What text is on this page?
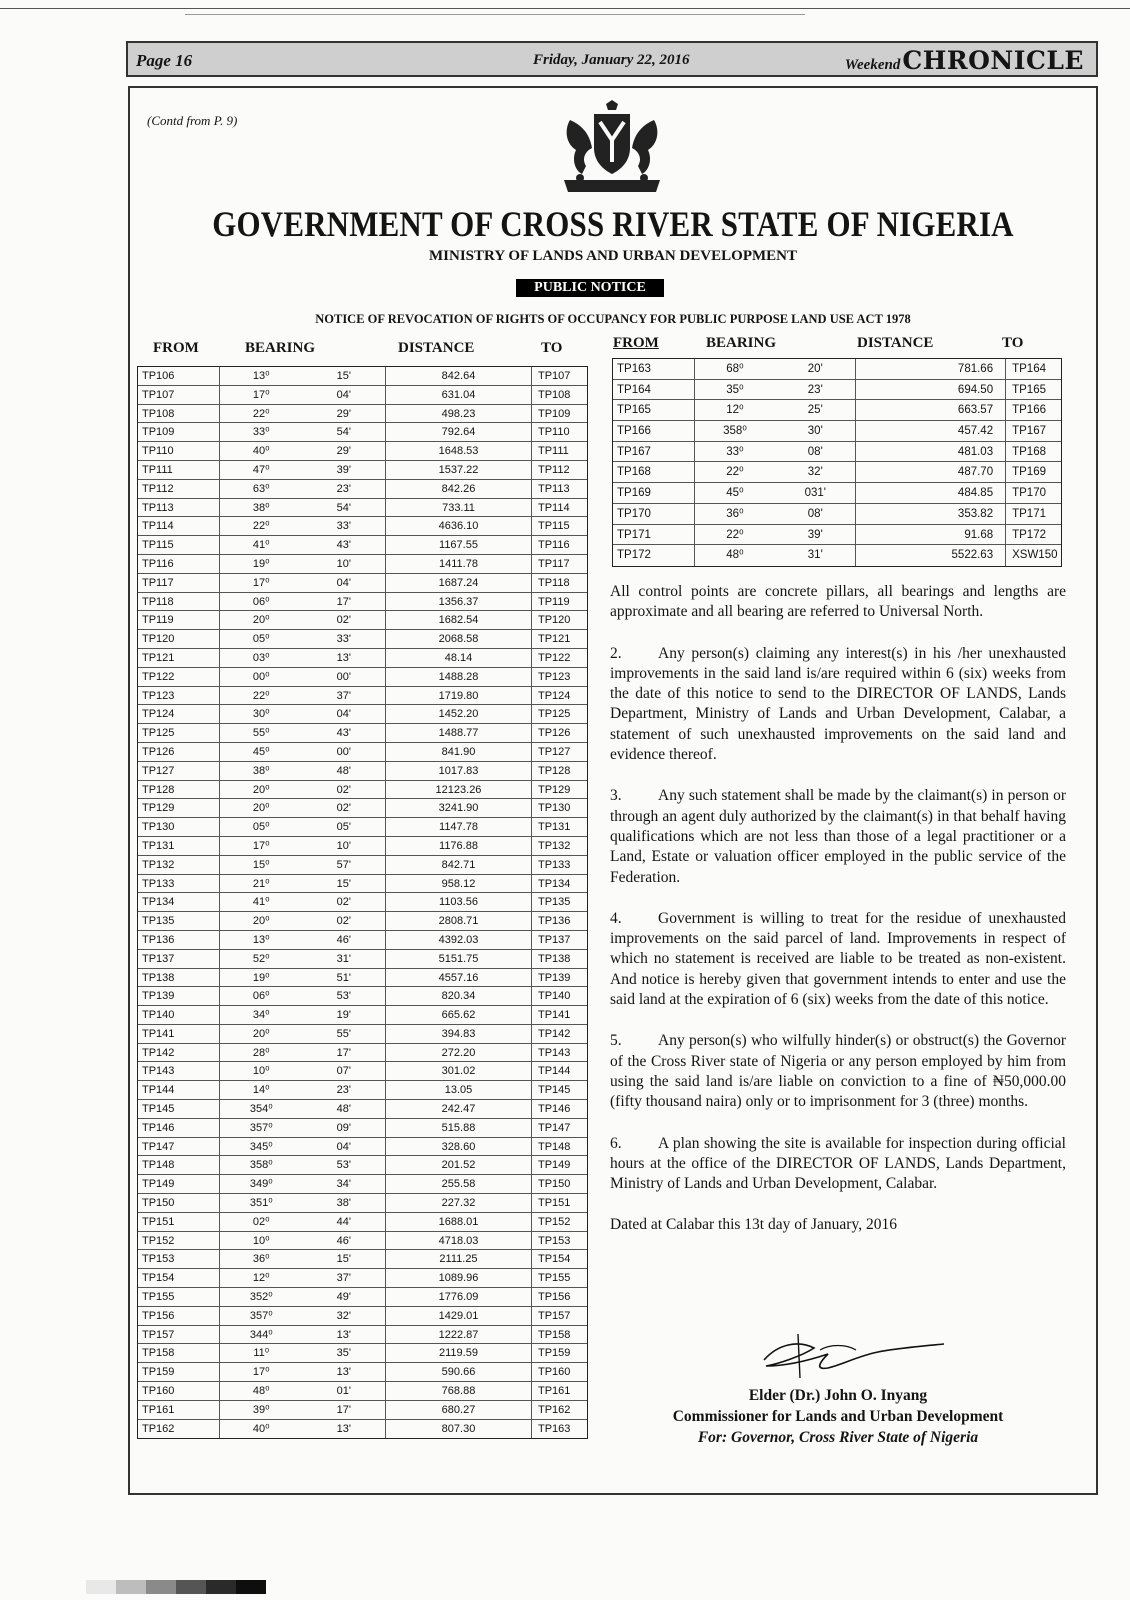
Page 16	Friday, January 22, 2016	WeekendCHRONICLE
(Contd from P. 9)
GOVERNMENT OF CROSS RIVER STATE OF NIGERIA
MINISTRY OF LANDS AND URBAN DEVELOPMENT
PUBLIC NOTICE
NOTICE OF REVOCATION OF RIGHTS OF OCCUPANCY FOR PUBLIC PURPOSE LAND USE ACT 1978
FROM	BEARING	DISTANCE	TO
TP106	13⁰	15'	842.64	TP107
TP107	17⁰	04'	631.04	TP108
TP108	22⁰	29'	498.23	TP109
TP109	33⁰	54'	792.64	TP110
TP110	40⁰	29'	1648.53	TP111
TP111	47⁰	39'	1537.22	TP112
TP112	63⁰	23'	842.26	TP113
TP113	38⁰	54'	733.11	TP114
TP114	22⁰	33'	4636.10	TP115
TP115	41⁰	43'	1167.55	TP116
TP116	19⁰	10'	1411.78	TP117
TP117	17⁰	04'	1687.24	TP118
TP118	06⁰	17'	1356.37	TP119
TP119	20⁰	02'	1682.54	TP120
TP120	05⁰	33'	2068.58	TP121
TP121	03⁰	13'	48.14	TP122
TP122	00⁰	00'	1488.28	TP123
TP123	22⁰	37'	1719.80	TP124
TP124	30⁰	04'	1452.20	TP125
TP125	55⁰	43'	1488.77	TP126
TP126	45⁰	00'	841.90	TP127
TP127	38⁰	48'	1017.83	TP128
TP128	20⁰	02'	12123.26	TP129
TP129	20⁰	02'	3241.90	TP130
TP130	05⁰	05'	1147.78	TP131
TP131	17⁰	10'	1176.88	TP132
TP132	15⁰	57'	842.71	TP133
TP133	21⁰	15'	958.12	TP134
TP134	41⁰	02'	1103.56	TP135
TP135	20⁰	02'	2808.71	TP136
TP136	13⁰	46'	4392.03	TP137
TP137	52⁰	31'	5151.75	TP138
TP138	19⁰	51'	4557.16	TP139
TP139	06⁰	53'	820.34	TP140
TP140	34⁰	19'	665.62	TP141
TP141	20⁰	55'	394.83	TP142
TP142	28⁰	17'	272.20	TP143
TP143	10⁰	07'	301.02	TP144
TP144	14⁰	23'	13.05	TP145
TP145	354⁰	48'	242.47	TP146
TP146	357⁰	09'	515.88	TP147
TP147	345⁰	04'	328.60	TP148
TP148	358⁰	53'	201.52	TP149
TP149	349⁰	34'	255.58	TP150
TP150	351⁰	38'	227.32	TP151
TP151	02⁰	44'	1688.01	TP152
TP152	10⁰	46'	4718.03	TP153
TP153	36⁰	15'	2111.25	TP154
TP154	12⁰	37'	1089.96	TP155
TP155	352⁰	49'	1776.09	TP156
TP156	357⁰	32'	1429.01	TP157
TP157	344⁰	13'	1222.87	TP158
TP158	11⁰	35'	2119.59	TP159
TP159	17⁰	13'	590.66	TP160
TP160	48⁰	01'	768.88	TP161
TP161	39⁰	17'	680.27	TP162
TP162	40⁰	13'	807.30	TP163
FROM	BEARING	DISTANCE	TO
TP163	68⁰	20'	781.66	TP164
TP164	35⁰	23'	694.50	TP165
TP165	12⁰	25'	663.57	TP166
TP166	358⁰	30'	457.42	TP167
TP167	33⁰	08'	481.03	TP168
TP168	22⁰	32'	487.70	TP169
TP169	45⁰	031'	484.85	TP170
TP170	36⁰	08'	353.82	TP171
TP171	22⁰	39'	91.68	TP172
TP172	48⁰	31'	5522.63	XSW150

All control points are concrete pillars, all bearings and lengths are approximate and all bearing are referred to Universal North.

2. Any person(s) claiming any interest(s) in his /her unexhausted improvements in the said land is/are required within 6 (six) weeks from the date of this notice to send to the DIRECTOR OF LANDS, Lands Department, Ministry of Lands and Urban Development, Calabar, a statement of such unexhausted improvements on the said land and evidence thereof.

3. Any such statement shall be made by the claimant(s) in person or through an agent duly authorized by the claimant(s) in that behalf having qualifications which are not less than those of a legal practitioner or a Land, Estate or valuation officer employed in the public service of the Federation.

4. Government is willing to treat for the residue of unexhausted improvements on the said parcel of land. Improvements in respect of which no statement is received are liable to be treated as non-existent. And notice is hereby given that government intends to enter and use the said land at the expiration of 6 (six) weeks from the date of this notice.

5. Any person(s) who wilfully hinder(s) or obstruct(s) the Governor of the Cross River state of Nigeria or any person employed by him from using the said land is/are liable on conviction to a fine of ₦50,000.00 (fifty thousand naira) only or to imprisonment for 3 (three) months.

6. A plan showing the site is available for inspection during official hours at the office of the DIRECTOR OF LANDS, Lands Department, Ministry of Lands and Urban Development, Calabar.

Dated at Calabar this 13t day of January, 2016

Elder (Dr.) John O. Inyang
Commissioner for Lands and Urban Development
For: Governor, Cross River State of Nigeria
